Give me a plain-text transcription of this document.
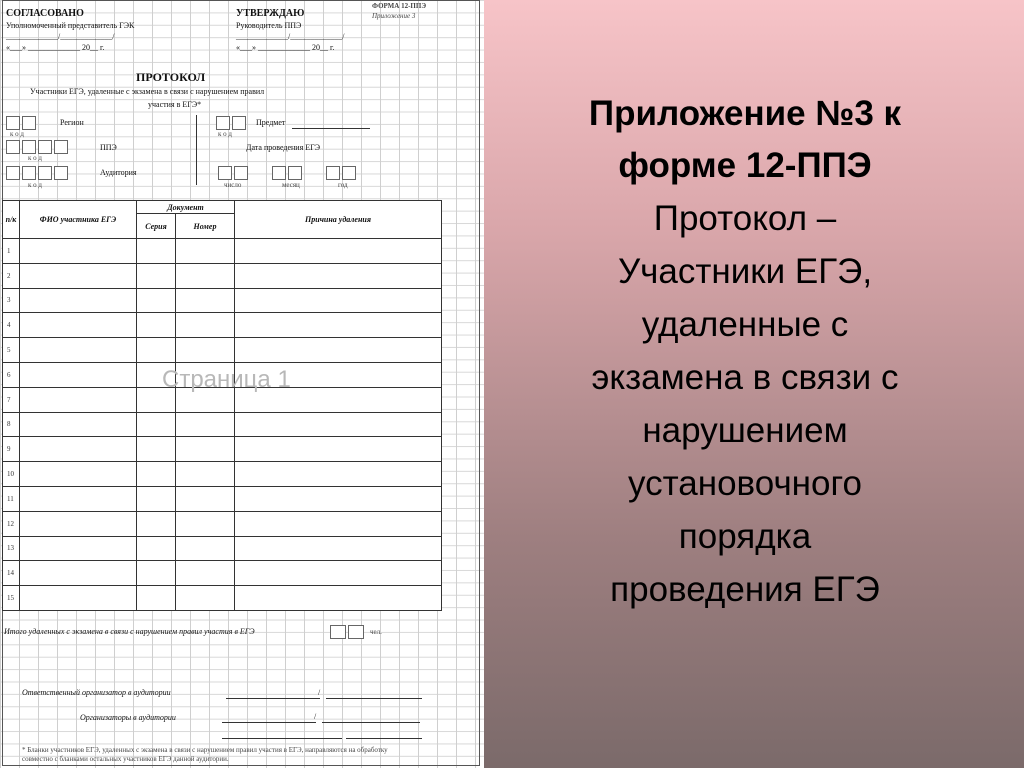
СОГЛАСОВАНО
Уполномоченный представитель ГЭК
_____________/_____________/
«___» _____________ 20__ г.
УТВЕРЖДАЮ
Руководитель ППЭ
_____________/_____________/
«___» _____________ 20__ г.
ФОРМА 12-ППЭ
Приложение 3
ПРОТОКОЛ
Участники ЕГЭ, удаленные с экзамена в связи с нарушением правил
участия в ЕГЭ*
к о д
Регион
к о д
Предмет
к о д
ППЭ	Дата проведения ЕГЭ
к о д
Аудитория
число	месяц	год
п/к	ФИО участника ЕГЭ	Документ		Причина удаления
		Серия	Номер	
1				
2				
3				
4				
5				
6				
7				
8				
9				
10				
11				
12				
13				
14				
15				
Страница 1
Итого удаленных с экзамена в связи с нарушением правил участия в ЕГЭ	чел.
Ответственный организатор в аудитории	/
Организаторы в аудитории	/
* Бланки участников ЕГЭ, удаленных с экзамена в связи с нарушением правил участия в ЕГЭ, направляются на обработку
совместно с бланками остальных участников ЕГЭ данной аудитории.
Приложение №3 к
форме 12-ППЭ
Протокол –
Участники ЕГЭ,
удаленные с
экзамена в связи с
нарушением
установочного
порядка
проведения ЕГЭ
